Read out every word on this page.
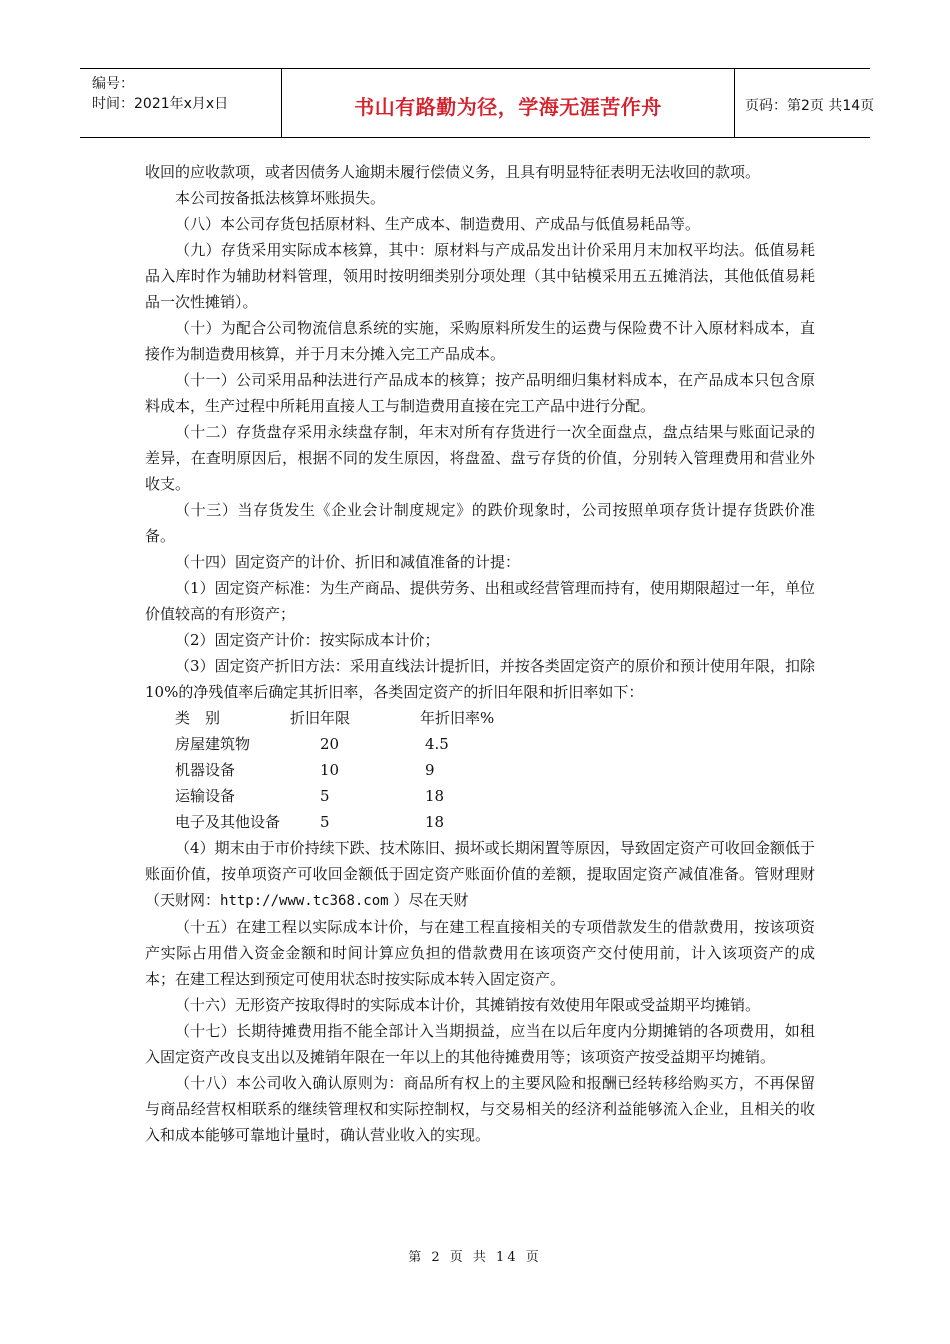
编号：
时间：2021年x月x日	书山有路勤为径，学海无涯苦作舟	页码：第2页 共14页

收回的应收款项，或者因债务人逾期未履行偿债义务，且具有明显特征表明无法收回的款项。

本公司按备抵法核算坏账损失。

（八）本公司存货包括原材料、生产成本、制造费用、产成品与低值易耗品等。

（九）存货采用实际成本核算，其中：原材料与产成品发出计价采用月末加权平均法。低值易耗品入库时作为辅助材料管理，领用时按明细类别分项处理（其中钻模采用五五摊消法，其他低值易耗品一次性摊销）。

（十）为配合公司物流信息系统的实施，采购原料所发生的运费与保险费不计入原材料成本，直接作为制造费用核算，并于月末分摊入完工产品成本。

（十一）公司采用品种法进行产品成本的核算；按产品明细归集材料成本，在产品成本只包含原料成本，生产过程中所耗用直接人工与制造费用直接在完工产品中进行分配。

（十二）存货盘存采用永续盘存制，年末对所有存货进行一次全面盘点，盘点结果与账面记录的差异，在查明原因后，根据不同的发生原因，将盘盈、盘亏存货的价值，分别转入管理费用和营业外收支。

（十三）当存货发生《企业会计制度规定》的跌价现象时，公司按照单项存货计提存货跌价准备。

（十四）固定资产的计价、折旧和减值准备的计提：

（1）固定资产标准：为生产商品、提供劳务、出租或经营管理而持有，使用期限超过一年，单位价值较高的有形资产；

（2）固定资产计价：按实际成本计价；

（3）固定资产折旧方法：采用直线法计提折旧，并按各类固定资产的原价和预计使用年限，扣除10%的净残值率后确定其折旧率，各类固定资产的折旧年限和折旧率如下：

类　别	折旧年限	年折旧率%
房屋建筑物	20	4.5
机器设备	10	9
运输设备	5	18
电子及其他设备	5	18

（4）期末由于市价持续下跌、技术陈旧、损坏或长期闲置等原因，导致固定资产可收回金额低于账面价值，按单项资产可收回金额低于固定资产账面价值的差额，提取固定资产减值准备。管财理财（天财网：http://www.tc368.com ）尽在天财

（十五）在建工程以实际成本计价，与在建工程直接相关的专项借款发生的借款费用，按该项资产实际占用借入资金金额和时间计算应负担的借款费用在该项资产交付使用前，计入该项资产的成本；在建工程达到预定可使用状态时按实际成本转入固定资产。

（十六）无形资产按取得时的实际成本计价，其摊销按有效使用年限或受益期平均摊销。

（十七）长期待摊费用指不能全部计入当期损益，应当在以后年度内分期摊销的各项费用，如租入固定资产改良支出以及摊销年限在一年以上的其他待摊费用等；该项资产按受益期平均摊销。

（十八）本公司收入确认原则为：商品所有权上的主要风险和报酬已经转移给购买方，不再保留与商品经营权相联系的继续管理权和实际控制权，与交易相关的经济利益能够流入企业，且相关的收入和成本能够可靠地计量时，确认营业收入的实现。

第 2 页 共 14 页
